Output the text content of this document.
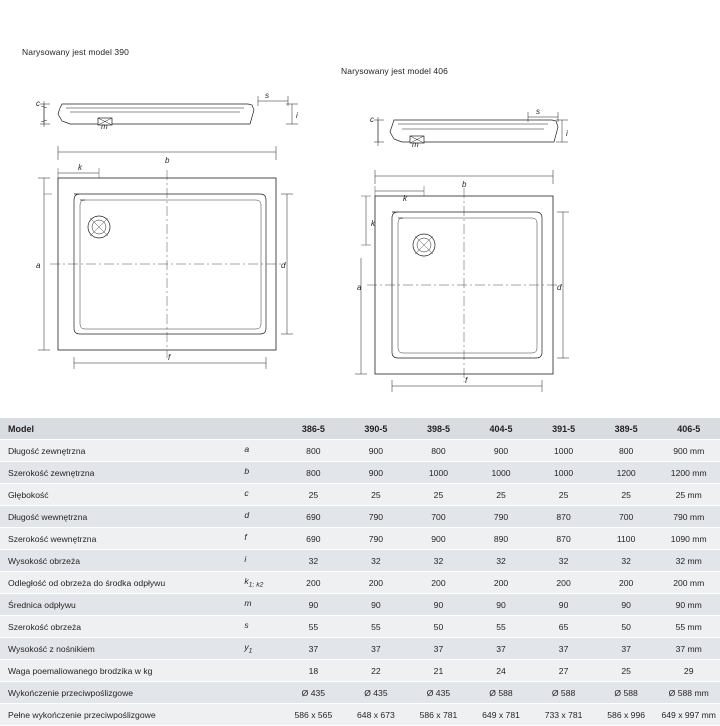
Narysowany jest model 390
Narysowany jest model 406
c
s
i
m
b
k
a	d
f
c
s
i
m
b
k
k
a	d
f
Model		386-5	390-5	398-5	404-5	391-5	389-5	406-5
Długość zewnętrzna	a	800	900	800	900	1000	800	900 mm
Szerokość zewnętrzna	b	800	900	1000	1000	1000	1200	1200 mm
Głębokość	c	25	25	25	25	25	25	25 mm
Długość wewnętrzna	d	690	790	700	790	870	700	790 mm
Szerokość wewnętrzna	f	690	790	900	890	870	1100	1090 mm
Wysokość obrzeża	i	32	32	32	32	32	32	32 mm
Odległość od obrzeża do środka odpływu	$k_{1; k2}$	200	200	200	200	200	200	200 mm
Średnica odpływu	m	90	90	90	90	90	90	90 mm
Szerokość obrzeża	s	55	55	50	55	65	50	55 mm
Wysokość z nośnikiem	$y_1$	37	37	37	37	37	37	37 mm
Waga poemaliowanego brodzika w kg		18	22	21	24	27	25	29
Wykończenie przeciwpoślizgowe		Ø 435	Ø 435	Ø 435	Ø 588	Ø 588	Ø 588	Ø 588 mm
Pełne wykończenie przeciwpoślizgowe		586 x 565	648 x 673	586 x 781	649 x 781	733 x 781	586 x 996	649 x 997 mm
